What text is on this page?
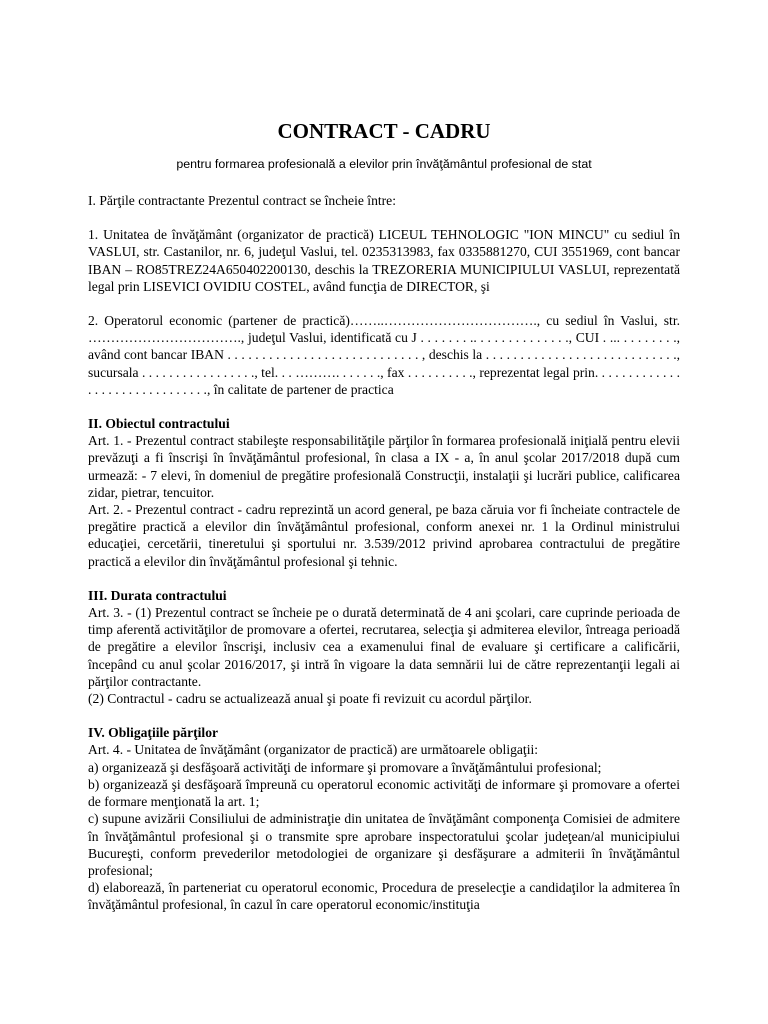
CONTRACT - CADRU
pentru formarea profesională a elevilor prin învăţământul profesional de stat

I. Părţile contractante Prezentul contract se încheie între:

1. Unitatea de învăţământ (organizator de practică) LICEUL TEHNOLOGIC "ION MINCU" cu sediul în VASLUI, str. Castanilor, nr. 6, judeţul Vaslui, tel. 0235313983, fax 0335881270, CUI 3551969, cont bancar IBAN – RO85TREZ24A650402200130, deschis la TREZORERIA MUNICIPIULUI VASLUI, reprezentată legal prin LISEVICI OVIDIU COSTEL, având funcţia de DIRECTOR, şi

2. Operatorul economic (partener de practică)……..……………………………., cu sediul în Vaslui, str. ……………………………., judeţul Vaslui, identificată cu J . . . . . . . .. . . . . . . . . . . . . ., CUI . ... . . . . . . . ., având cont bancar IBAN . . . . . . . . . . . . . . . . . . . . . . . . . . . . , deschis la . . . . . . . . . . . . . . . . . . . . . . . . . . . ., sucursala . . . . . . . . . . . . . . . . ., tel. . . ………. . . . . . ., fax . . . . . . . . . ., reprezentat legal prin. . . . . . . . . . . . . . . . . . . . . . . . . . . . . . ., în calitate de partener de practica

II. Obiectul contractului

Art. 1. - Prezentul contract stabileşte responsabilităţile părţilor în formarea profesională iniţială pentru elevii prevăzuţi a fi înscrişi în învăţământul profesional, în clasa a IX - a, în anul şcolar 2017/2018 după cum urmează: - 7 elevi, în domeniul de pregătire profesională Construcţii, instalaţii şi lucrări publice, calificarea zidar, pietrar, tencuitor.

Art. 2. - Prezentul contract - cadru reprezintă un acord general, pe baza căruia vor fi încheiate contractele de pregătire practică a elevilor din învăţământul profesional, conform anexei nr. 1 la Ordinul ministrului educaţiei, cercetării, tineretului şi sportului nr. 3.539/2012 privind aprobarea contractului de pregătire practică a elevilor din învăţământul profesional şi tehnic.

III. Durata contractului

Art. 3. - (1) Prezentul contract se încheie pe o durată determinată de 4 ani şcolari, care cuprinde perioada de timp aferentă activităţilor de promovare a ofertei, recrutarea, selecţia şi admiterea elevilor, întreaga perioadă de pregătire a elevilor înscrişi, inclusiv cea a examenului final de evaluare şi certificare a calificării, începând cu anul şcolar 2016/2017, şi intră în vigoare la data semnării lui de către reprezentanţii legali ai părţilor contractante.

(2) Contractul - cadru se actualizează anual şi poate fi revizuit cu acordul părţilor.

IV. Obligaţiile părţilor

Art. 4. - Unitatea de învăţământ (organizator de practică) are următoarele obligaţii:

a) organizează şi desfăşoară activităţi de informare şi promovare a învăţământului profesional;

b) organizează şi desfăşoară împreună cu operatorul economic activităţi de informare şi promovare a ofertei de formare menţionată la art. 1;

c) supune avizării Consiliului de administraţie din unitatea de învăţământ componenţa Comisiei de admitere în învăţământul profesional şi o transmite spre aprobare inspectoratului şcolar judeţean/al municipiului Bucureşti, conform prevederilor metodologiei de organizare şi desfăşurare a admiterii în învăţământul profesional;

d) elaborează, în parteneriat cu operatorul economic, Procedura de preselecţie a candidaţilor la admiterea în învăţământul profesional, în cazul în care operatorul economic/instituţia
